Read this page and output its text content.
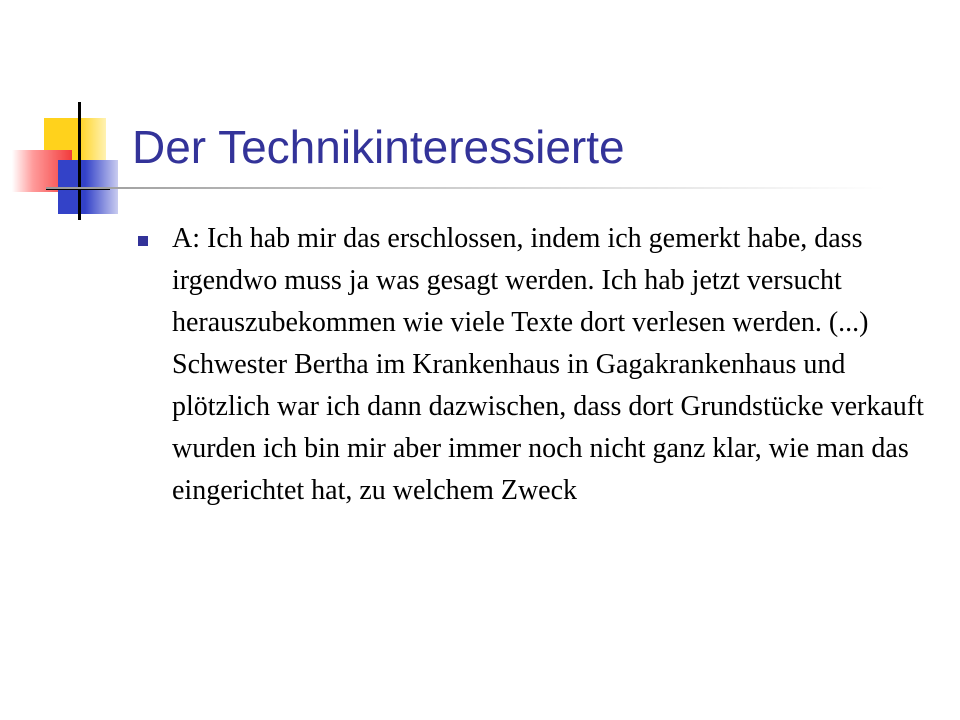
Der Technikinteressierte

A: Ich hab mir das erschlossen, indem ich gemerkt habe, dass irgendwo muss ja was gesagt werden. Ich hab jetzt versucht herauszubekommen wie viele Texte dort verlesen werden. (...) Schwester Bertha im Krankenhaus in Gagakrankenhaus und plötzlich war ich dann dazwischen, dass dort Grundstücke verkauft wurden ich bin mir aber immer noch nicht ganz klar, wie man das eingerichtet hat, zu welchem Zweck
